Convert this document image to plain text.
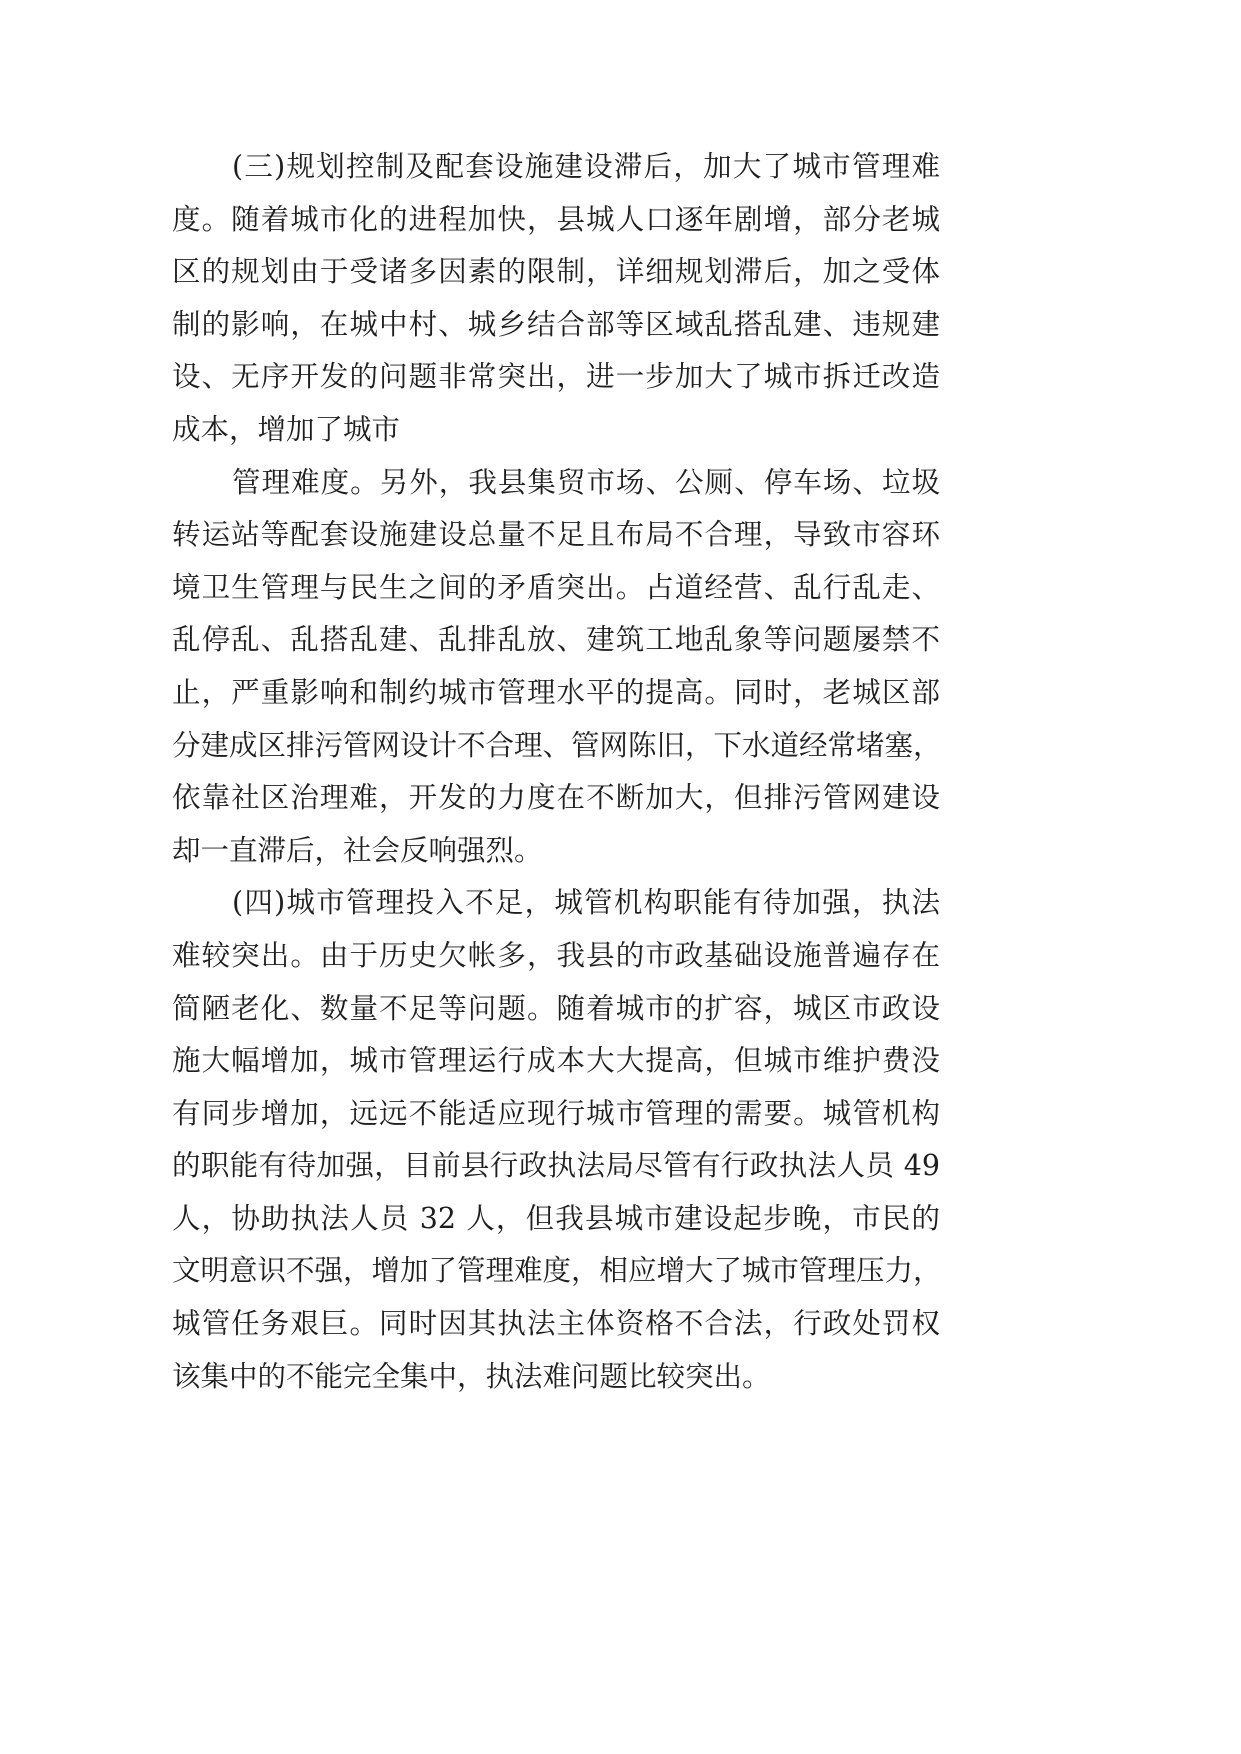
(三)规划控制及配套设施建设滞后，加大了城市管理难
度。随着城市化的进程加快，县城人口逐年剧增，部分老城
区的规划由于受诸多因素的限制，详细规划滞后，加之受体
制的影响，在城中村、城乡结合部等区域乱搭乱建、违规建
设、无序开发的问题非常突出，进一步加大了城市拆迁改造
成本，增加了城市
管理难度。另外，我县集贸市场、公厕、停车场、垃圾
转运站等配套设施建设总量不足且布局不合理，导致市容环
境卫生管理与民生之间的矛盾突出。占道经营、乱行乱走、
乱停乱、乱搭乱建、乱排乱放、建筑工地乱象等问题屡禁不
止，严重影响和制约城市管理水平的提高。同时，老城区部
分建成区排污管网设计不合理、管网陈旧，下水道经常堵塞，
依靠社区治理难，开发的力度在不断加大，但排污管网建设
却一直滞后，社会反响强烈。
(四)城市管理投入不足，城管机构职能有待加强，执法
难较突出。由于历史欠帐多，我县的市政基础设施普遍存在
简陋老化、数量不足等问题。随着城市的扩容，城区市政设
施大幅增加，城市管理运行成本大大提高，但城市维护费没
有同步增加，远远不能适应现行城市管理的需要。城管机构
的职能有待加强，目前县行政执法局尽管有行政执法人员 49
人，协助执法人员 32 人，但我县城市建设起步晚，市民的
文明意识不强，增加了管理难度，相应增大了城市管理压力，
城管任务艰巨。同时因其执法主体资格不合法，行政处罚权
该集中的不能完全集中，执法难问题比较突出。
